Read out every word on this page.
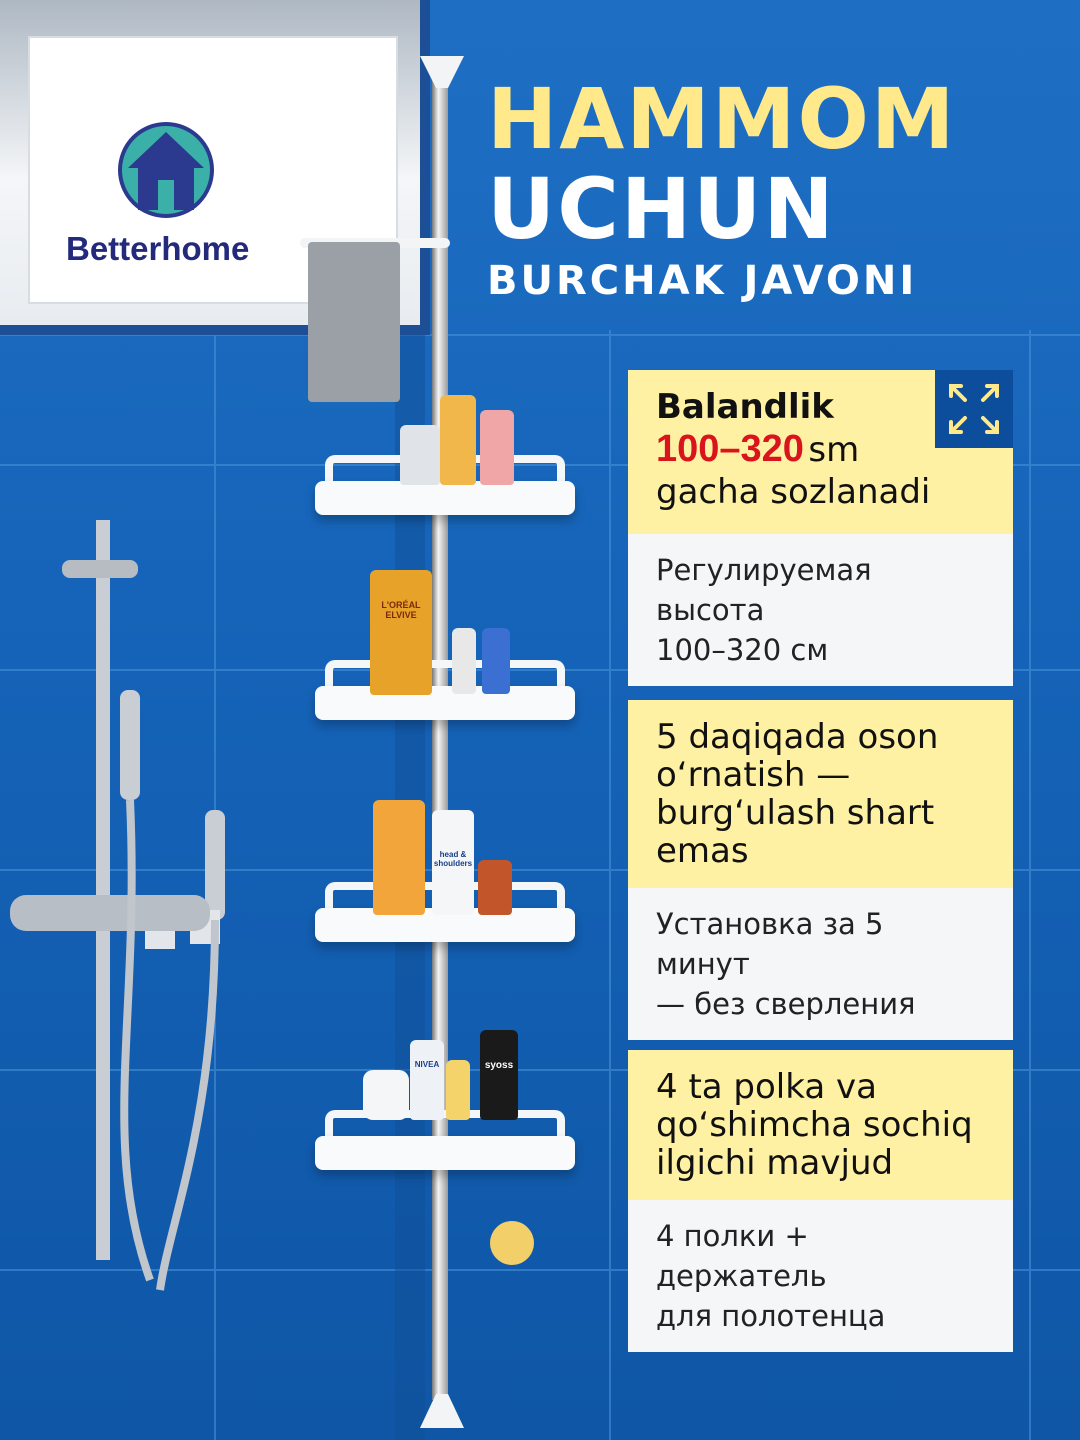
Betterhome
HAMMOM
UCHUN
BURCHAK JAVONI
Balandlik
100–320 sm
gacha sozlanadi
Регулируемая высота
100–320 см
5 daqiqada oson
o‘rnatish —
burg‘ulash shart
emas
Установка за 5 минут
— без сверления
4 ta polka va
qo‘shimcha sochiq
ilgichi mavjud
4 полки + держатель
для полотенца
L'ORÉAL ELVIVE
head & shoulders
NIVEA	syoss
